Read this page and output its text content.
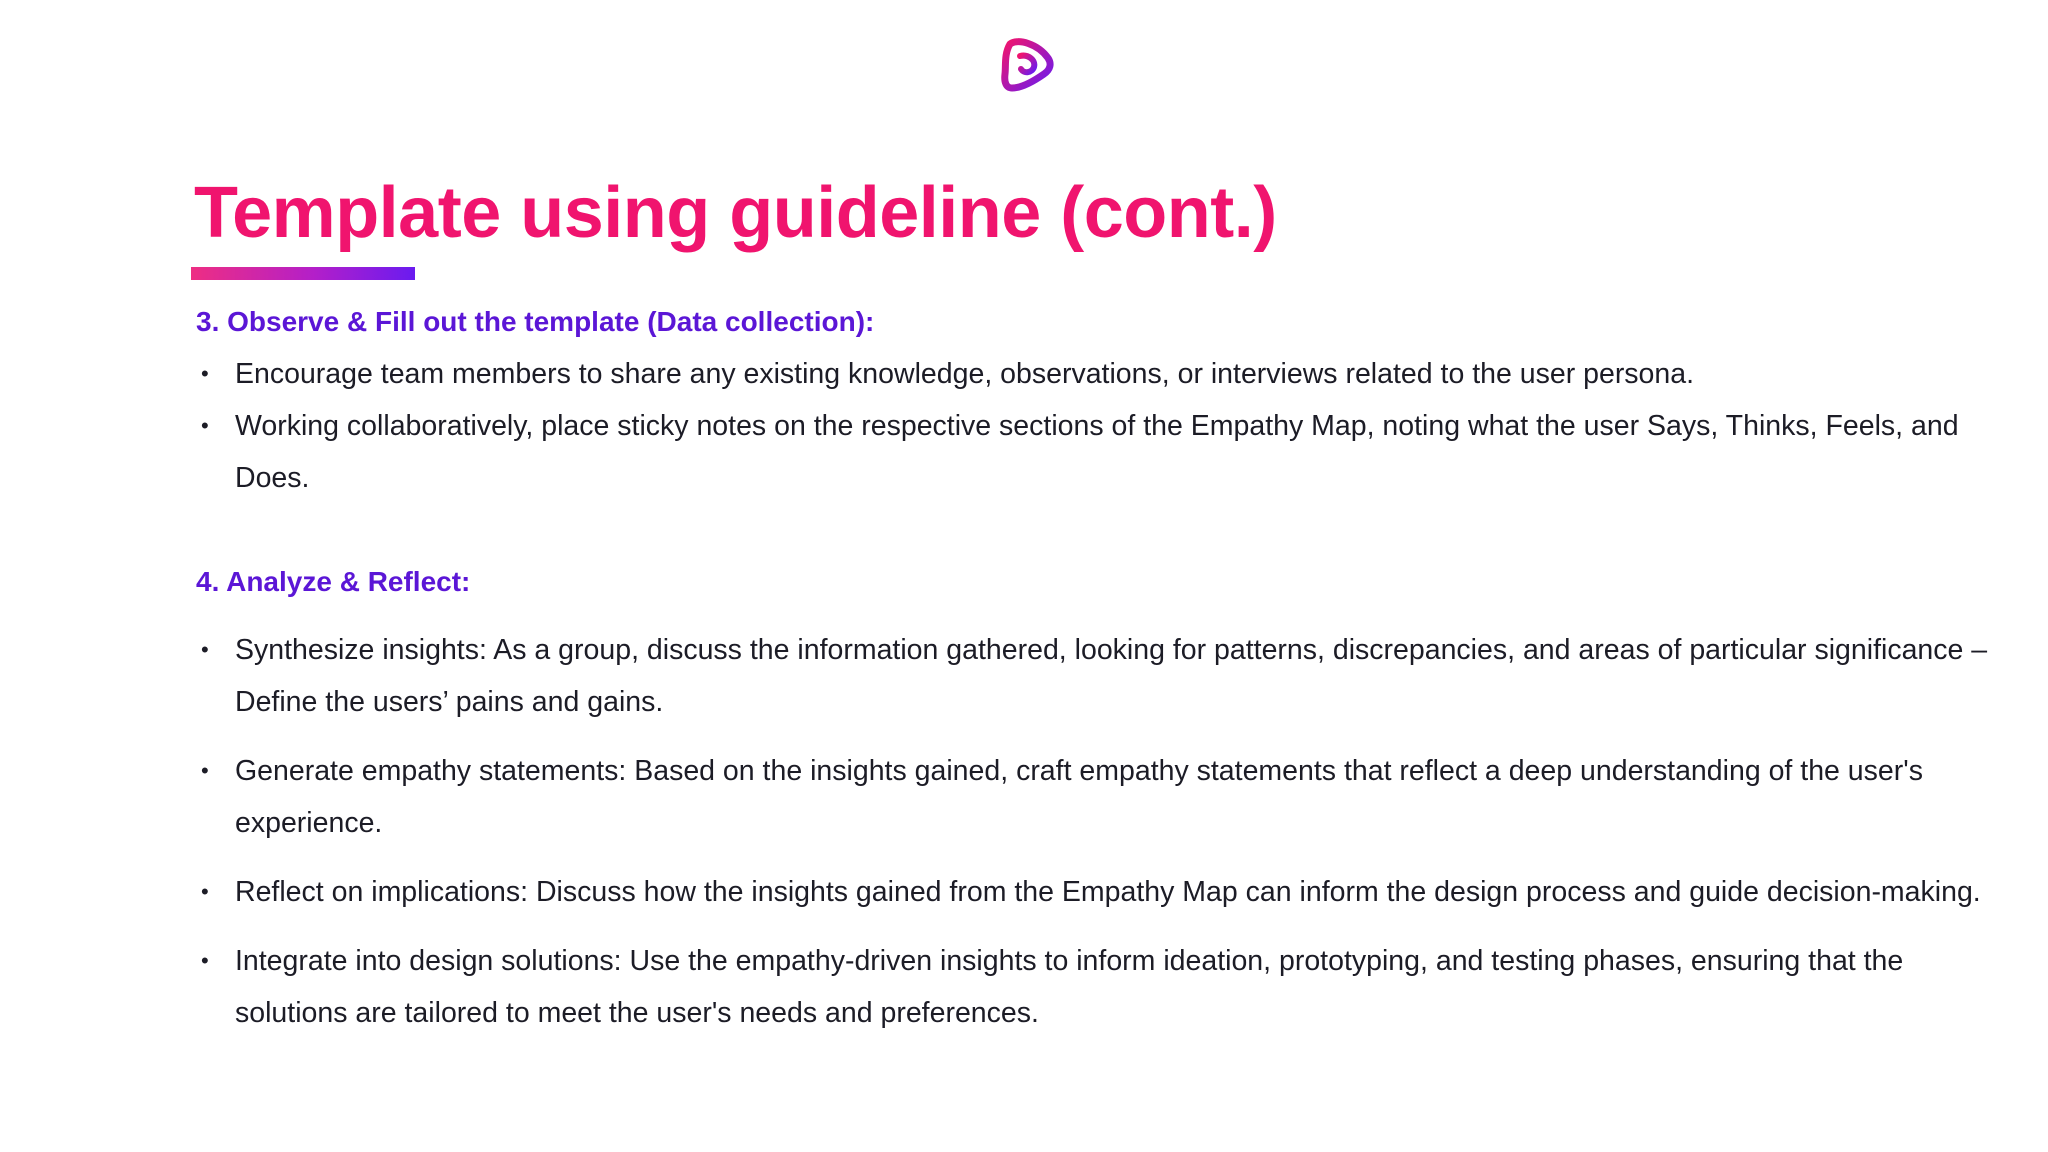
Template using guideline (cont.)
3. Observe & Fill out the template (Data collection):
• Encourage team members to share any existing knowledge, observations, or interviews related to the user persona.
• Working collaboratively, place sticky notes on the respective sections of the Empathy Map, noting what the user Says, Thinks, Feels, and Does.
4. Analyze & Reflect:
• Synthesize insights: As a group, discuss the information gathered, looking for patterns, discrepancies, and areas of particular significance – Define the users’ pains and gains.
• Generate empathy statements: Based on the insights gained, craft empathy statements that reflect a deep understanding of the user's experience.
• Reflect on implications: Discuss how the insights gained from the Empathy Map can inform the design process and guide decision-making.
• Integrate into design solutions: Use the empathy-driven insights to inform ideation, prototyping, and testing phases, ensuring that the solutions are tailored to meet the user's needs and preferences.
